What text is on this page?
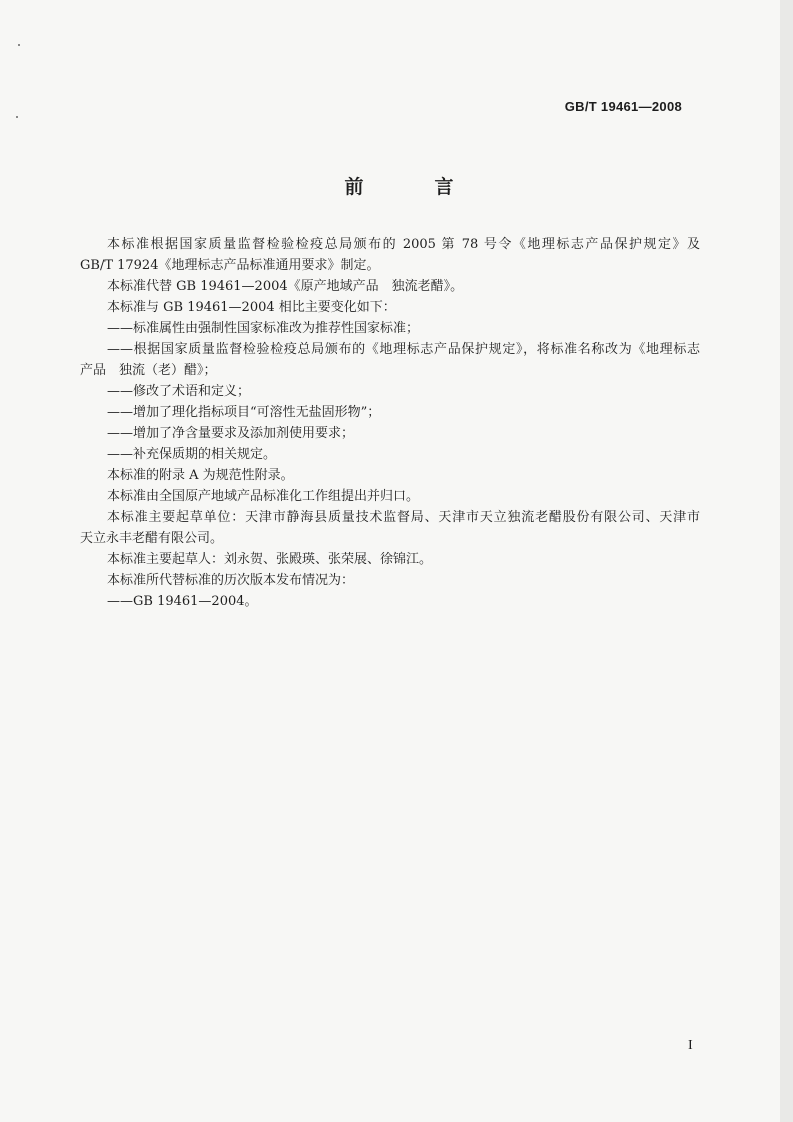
GB/T 19461—2008
前　言

本标准根据国家质量监督检验检疫总局颁布的 2005 第 78 号令《地理标志产品保护规定》及

GB/T 17924《地理标志产品标准通用要求》制定。

本标准代替 GB 19461—2004《原产地域产品　独流老醋》。

本标准与 GB 19461—2004 相比主要变化如下：

——标准属性由强制性国家标准改为推荐性国家标准；

——根据国家质量监督检验检疫总局颁布的《地理标志产品保护规定》，将标准名称改为《地理标志

产品　独流（老）醋》；

——修改了术语和定义；

——增加了理化指标项目“可溶性无盐固形物”；

——增加了净含量要求及添加剂使用要求；

——补充保质期的相关规定。

本标准的附录 A 为规范性附录。

本标准由全国原产地域产品标准化工作组提出并归口。

本标准主要起草单位：天津市静海县质量技术监督局、天津市天立独流老醋股份有限公司、天津市

天立永丰老醋有限公司。

本标准主要起草人：刘永贺、张殿瑛、张荣展、徐锦江。

本标准所代替标准的历次版本发布情况为：

——GB 19461—2004。

I
